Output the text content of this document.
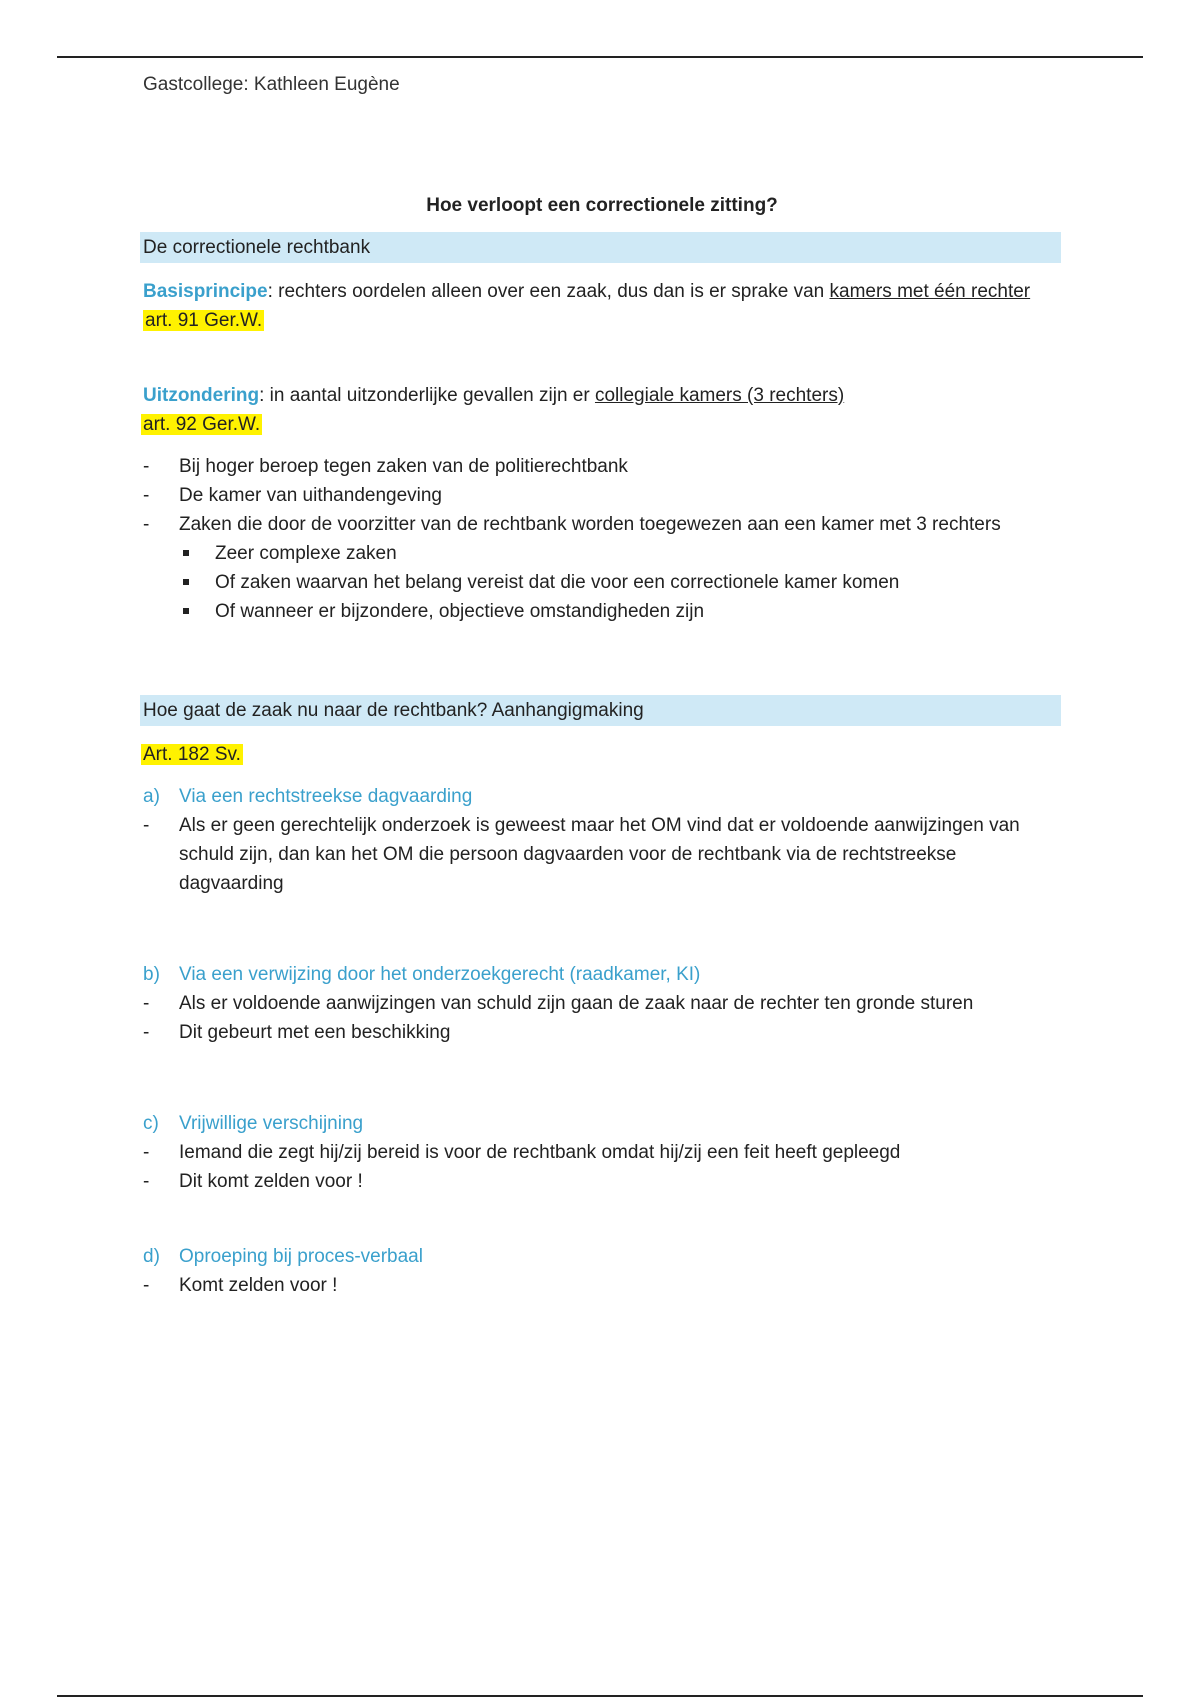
Gastcollege: Kathleen Eugène
Hoe verloopt een correctionele zitting?
De correctionele rechtbank

Basisprincipe: rechters oordelen alleen over een zaak, dus dan is er sprake van kamers met één rechter art. 91 Ger.W.

Uitzondering: in aantal uitzonderlijke gevallen zijn er collegiale kamers (3 rechters)
art. 92 Ger.W.

- Bij hoger beroep tegen zaken van de politierechtbank
- De kamer van uithandengeving
- Zaken die door de voorzitter van de rechtbank worden toegewezen aan een kamer met 3 rechters
Zeer complexe zaken
Of zaken waarvan het belang vereist dat die voor een correctionele kamer komen
Of wanneer er bijzondere, objectieve omstandigheden zijn
Hoe gaat de zaak nu naar de rechtbank? Aanhangigmaking

Art. 182 Sv.

a) Via een rechtstreekse dagvaarding
- Als er geen gerechtelijk onderzoek is geweest maar het OM vind dat er voldoende aanwijzingen van schuld zijn, dan kan het OM die persoon dagvaarden voor de rechtbank via de rechtstreekse dagvaarding
b) Via een verwijzing door het onderzoekgerecht (raadkamer, KI)
- Als er voldoende aanwijzingen van schuld zijn gaan de zaak naar de rechter ten gronde sturen
- Dit gebeurt met een beschikking
c) Vrijwillige verschijning
- Iemand die zegt hij/zij bereid is voor de rechtbank omdat hij/zij een feit heeft gepleegd
- Dit komt zelden voor !
d) Oproeping bij proces-verbaal
- Komt zelden voor !
